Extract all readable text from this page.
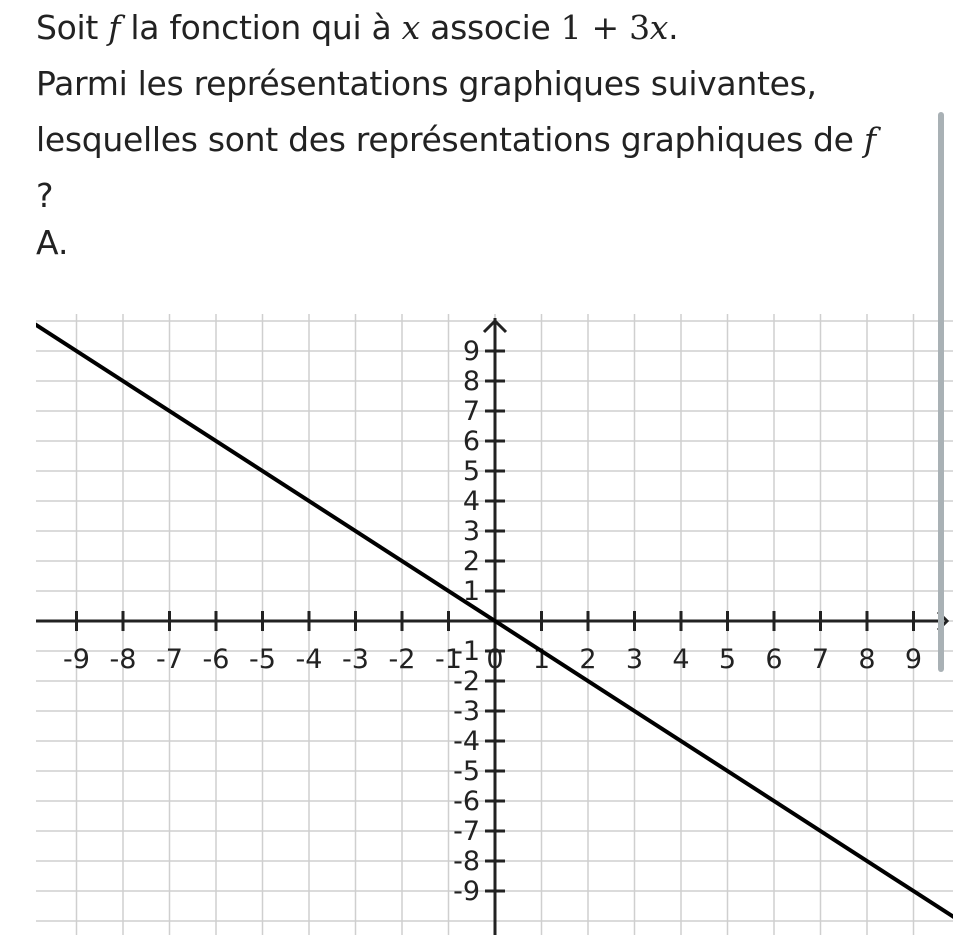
Soit f la fonction qui à x associe 1 + 3x.
Parmi les représentations graphiques suivantes,
lesquelles sont des représentations graphiques de f
?
A.
-9 -8 -7 -6 -5 -4 -3 -2 -1 0 1 2 3 4 5 6 7 8 9
9
8
7
6
5
4
3
2
1
-1
-2
-3
-4
-5
-6
-7
-8
-9
